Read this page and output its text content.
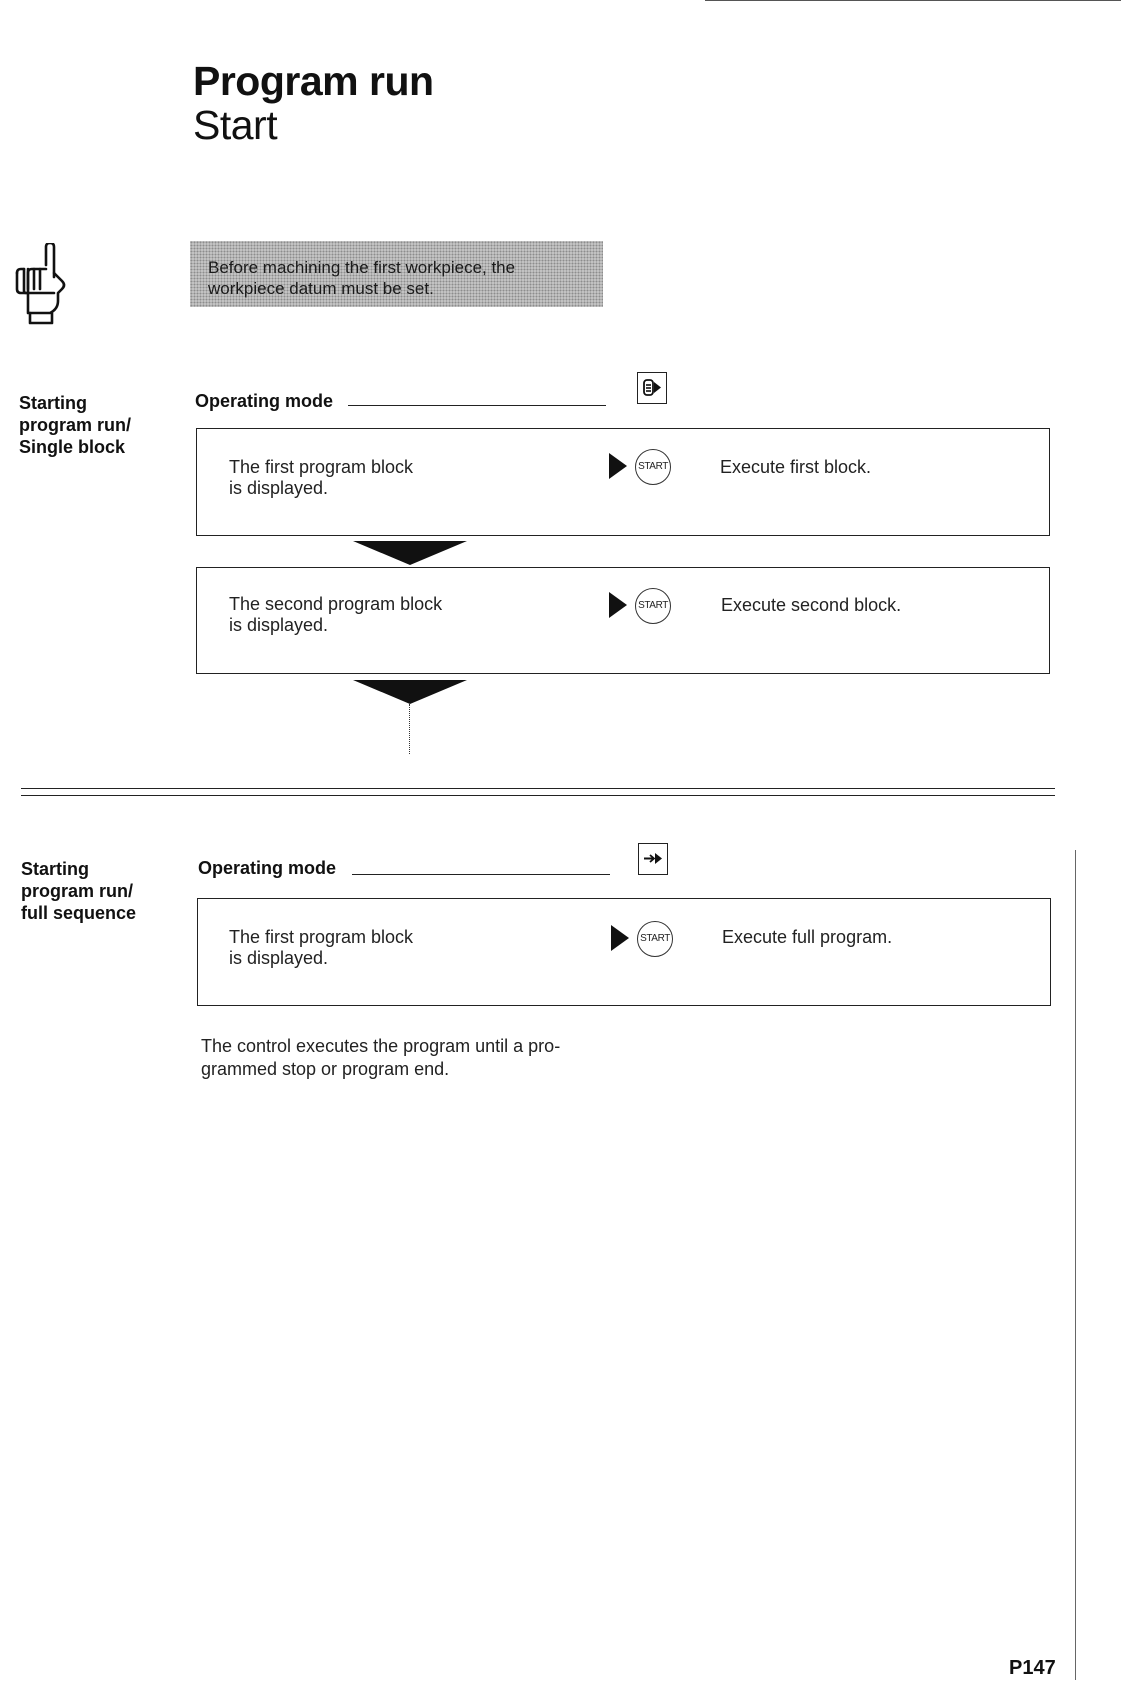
Program run
Start
Before machining the first workpiece, the
workpiece datum must be set.
Starting
program run/
Single block
Operating mode
The first program block
is displayed.
START	Execute first block.
The second program block
is displayed.
START	Execute second block.
Starting
program run/
full sequence
Operating mode
The first program block
is displayed.
START	Execute full program.
The control executes the program until a pro-
grammed stop or program end.
P147
